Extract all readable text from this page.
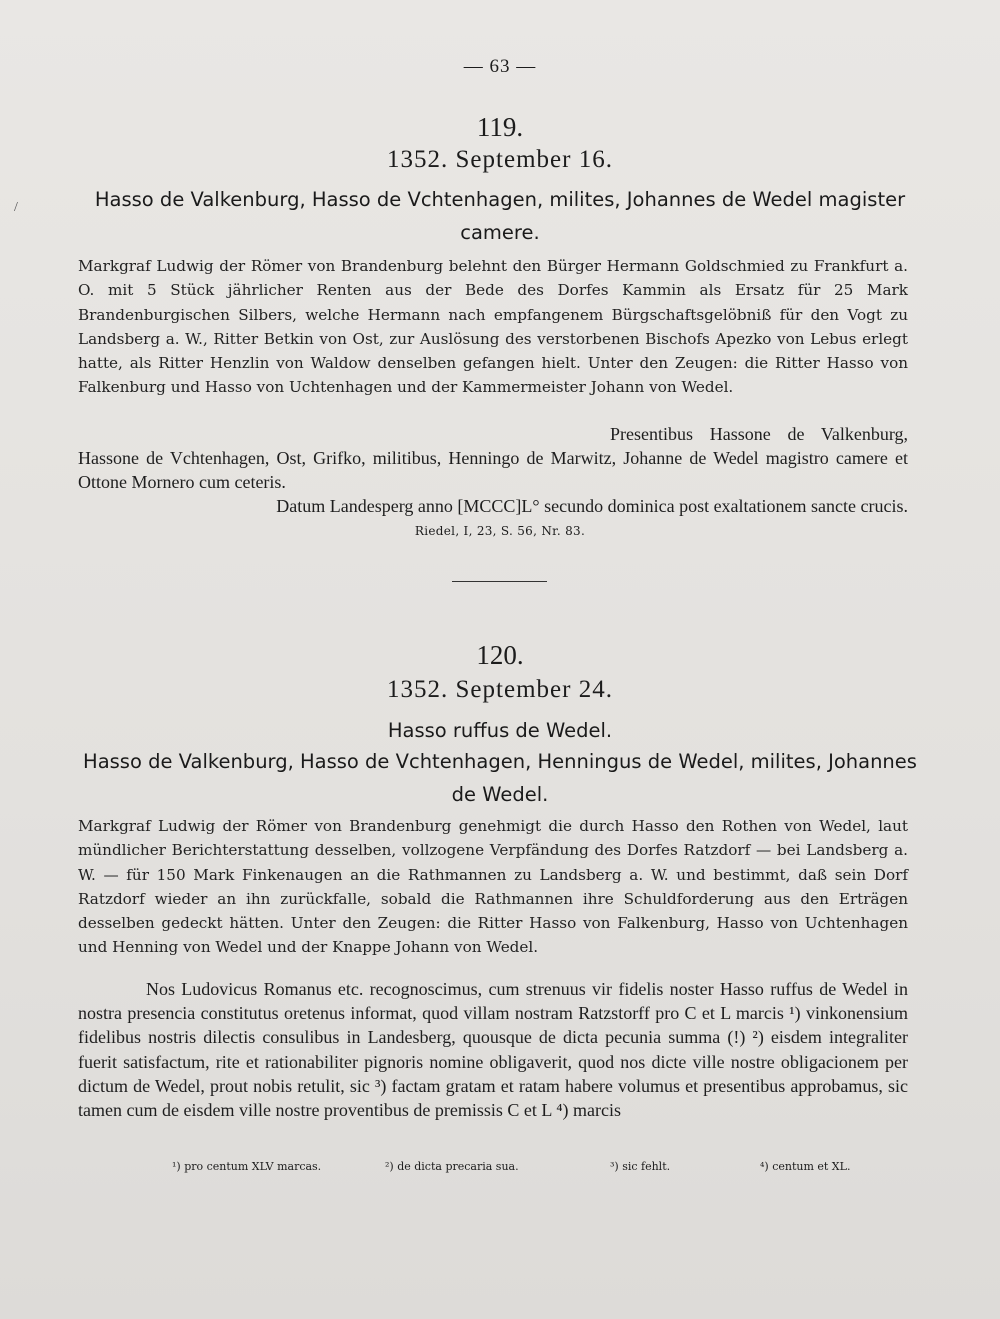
/
— 63 —
119.
1352. September 16.
Hasso de Valkenburg, Hasso de Vchtenhagen, milites, Johannes de Wedel magister camere.
Markgraf Ludwig der Römer von Brandenburg belehnt den Bürger Hermann Goldschmied zu Frankfurt a. O. mit 5 Stück jährlicher Renten aus der Bede des Dorfes Kammin als Ersatz für 25 Mark Brandenburgischen Silbers, welche Hermann nach empfangenem Bürgschaftsgelöbniß für den Vogt zu Landsberg a. W., Ritter Betkin von Ost, zur Auslösung des verstorbenen Bischofs Apezko von Lebus erlegt hatte, als Ritter Henzlin von Waldow denselben gefangen hielt. Unter den Zeugen: die Ritter Hasso von Falkenburg und Hasso von Uchtenhagen und der Kammermeister Johann von Wedel.

Presentibus Hassone de Valkenburg, Hassone de Vchtenhagen, Ost, Grifko, militibus, Henningo de Marwitz, Johanne de Wedel magistro camere et Ottone Mornero cum ceteris.

Datum Landesperg anno [MCCC]L° secundo dominica post exaltationem sancte crucis.

Riedel, I, 23, S. 56, Nr. 83.
120.
1352. September 24.
Hasso ruffus de Wedel.
Hasso de Valkenburg, Hasso de Vchtenhagen, Henningus de Wedel, milites, Johannes de Wedel.
Markgraf Ludwig der Römer von Brandenburg genehmigt die durch Hasso den Rothen von Wedel, laut mündlicher Berichterstattung desselben, vollzogene Verpfändung des Dorfes Ratzdorf — bei Landsberg a. W. — für 150 Mark Finkenaugen an die Rathmannen zu Landsberg a. W. und bestimmt, daß sein Dorf Ratzdorf wieder an ihn zurückfalle, sobald die Rathmannen ihre Schuldforderung aus den Erträgen desselben gedeckt hätten. Unter den Zeugen: die Ritter Hasso von Falkenburg, Hasso von Uchtenhagen und Henning von Wedel und der Knappe Johann von Wedel.

Nos Ludovicus Romanus etc. recognoscimus, cum strenuus vir fidelis noster Hasso ruffus de Wedel in nostra presencia constitutus oretenus informat, quod villam nostram Ratzstorff pro C et L marcis ¹) vinkonensium fidelibus nostris dilectis consulibus in Landesberg, quousque de dicta pecunia summa (!) ²) eisdem integraliter fuerit satisfactum, rite et rationabiliter pignoris nomine obligaverit, quod nos dicte ville nostre obligacionem per dictum de Wedel, prout nobis retulit, sic ³) factam gratam et ratam habere volumus et presentibus approbamus, sic tamen cum de eisdem ville nostre proventibus de premissis C et L ⁴) marcis

¹) pro centum XLV marcas.	²) de dicta precaria sua.	³) sic fehlt.	⁴) centum et XL.
